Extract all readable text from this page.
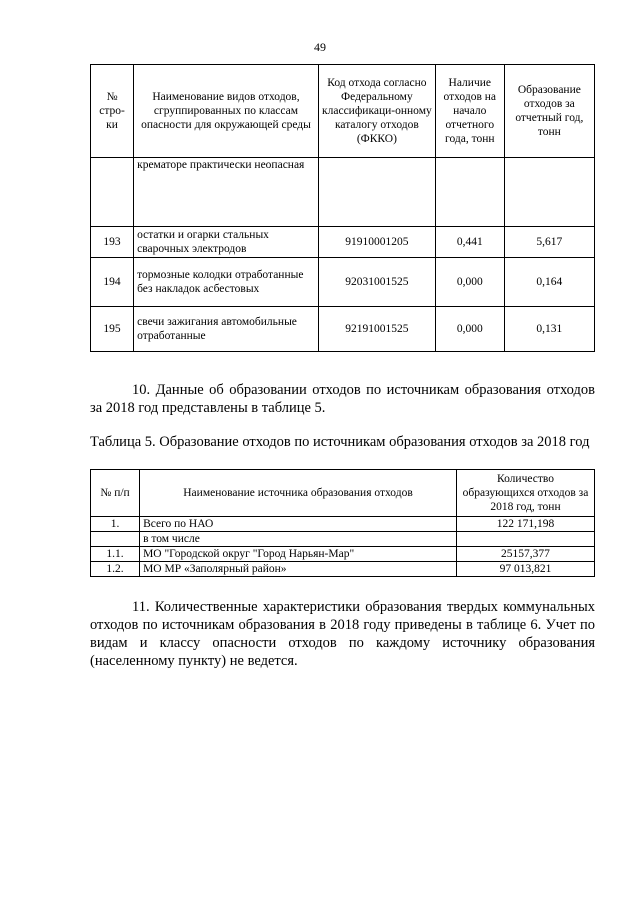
49
№ стро-ки	Наименование видов отходов, сгруппированных по классам опасности для окружающей среды	Код отхода согласно Федеральному классификаци-онному каталогу отходов (ФККО)	Наличие отходов на начало отчетного года, тонн	Образование отходов за отчетный год, тонн
	крематоре практически неопасная			
193	остатки и огарки стальных сварочных электродов	91910001205	0,441	5,617
194	тормозные колодки отработанные без накладок асбестовых	92031001525	0,000	0,164
195	свечи зажигания автомобильные отработанные	92191001525	0,000	0,131
10. Данные об образовании отходов по источникам образования отходов за 2018 год представлены в таблице 5.
Таблица 5. Образование отходов по источникам образования отходов за 2018 год
№ п/п	Наименование источника образования отходов	Количество образующихся отходов за 2018 год, тонн
1.	Всего по НАО	122 171,198
	в том числе	
1.1.	МО "Городской округ "Город Нарьян-Мар"	25157,377
1.2.	МО МР «Заполярный район»	97 013,821
11. Количественные характеристики образования твердых коммунальных отходов по источникам образования в 2018 году приведены в таблице 6. Учет по видам и классу опасности отходов по каждому источнику образования (населенному пункту) не ведется.
